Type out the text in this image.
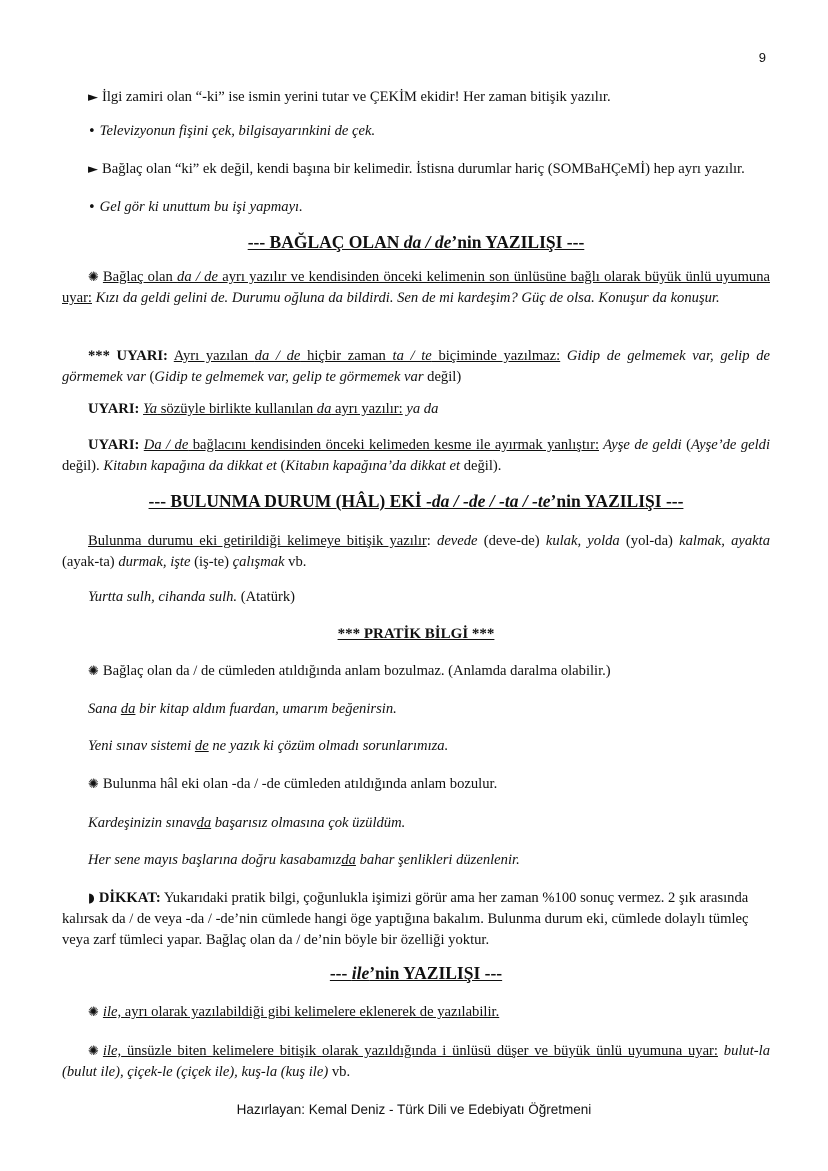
9
► İlgi zamiri olan “-ki” ise ismin yerini tutar ve ÇEKİM ekidir! Her zaman bitişik yazılır.
• Televizyonun fişini çek, bilgisayarınkini de çek.
► Bağlaç olan “ki” ek değil, kendi başına bir kelimedir. İstisna durumlar hariç (SOMBaHÇeMİ) hep ayrı yazılır.
• Gel gör ki unuttum bu işi yapmayı.
--- BAĞLAÇ OLAN da / de’nin YAZILIŞI ---
✺ Bağlaç olan da / de ayrı yazılır ve kendisinden önceki kelimenin son ünlüsüne bağlı olarak büyük ünlü uyumuna uyar: Kızı da geldi gelini de. Durumu oğluna da bildirdi. Sen de mi kardeşim? Güç de olsa. Konuşur da konuşur.
*** UYARI: Ayrı yazılan da / de hiçbir zaman ta / te biçiminde yazılmaz: Gidip de gelmemek var, gelip de görmemek var (Gidip te gelmemek var, gelip te görmemek var değil)
UYARI: Ya sözüyle birlikte kullanılan da ayrı yazılır: ya da
UYARI: Da / de bağlacını kendisinden önceki kelimeden kesme ile ayırmak yanlıştır: Ayşe de geldi (Ayşe’de geldi değil). Kitabın kapağına da dikkat et (Kitabın kapağına’da dikkat et değil).
--- BULUNMA DURUM (HÂL) EKİ -da / -de / -ta / -te’nin YAZILIŞI ---
Bulunma durumu eki getirildiği kelimeye bitişik yazılır: devede (deve-de) kulak, yolda (yol-da) kalmak, ayakta (ayak-ta) durmak, işte (iş-te) çalışmak vb.
Yurtta sulh, cihanda sulh. (Atatürk)
*** PRATİK BİLGİ ***
✺ Bağlaç olan da / de cümleden atıldığında anlam bozulmaz. (Anlamda daralma olabilir.)
Sana da bir kitap aldım fuardan, umarım beğenirsin.
Yeni sınav sistemi de ne yazık ki çözüm olmadı sorunlarımıza.
✺ Bulunma hâl eki olan -da / -de cümleden atıldığında anlam bozulur.
Kardeşinizin sınavda başarısız olmasına çok üzüldüm.
Her sene mayıs başlarına doğru kasabamızda bahar şenlikleri düzenlenir.
◗ DİKKAT: Yukarıdaki pratik bilgi, çoğunlukla işimizi görür ama her zaman %100 sonuç vermez. 2 şık arasında kalırsak da / de veya -da / -de’nin cümlede hangi öge yaptığına bakalım. Bulunma durum eki, cümlede dolaylı tümleç veya zarf tümleci yapar. Bağlaç olan da / de’nin böyle bir özelliği yoktur.
--- ile’nin YAZILIŞI ---
✺ ile, ayrı olarak yazılabildiği gibi kelimelere eklenerek de yazılabilir.
✺ ile, ünsüzle biten kelimelere bitişik olarak yazıldığında i ünlüsü düşer ve büyük ünlü uyumuna uyar: bulut-la (bulut ile), çiçek-le (çiçek ile), kuş-la (kuş ile) vb.
Hazırlayan: Kemal Deniz - Türk Dili ve Edebiyatı Öğretmeni
